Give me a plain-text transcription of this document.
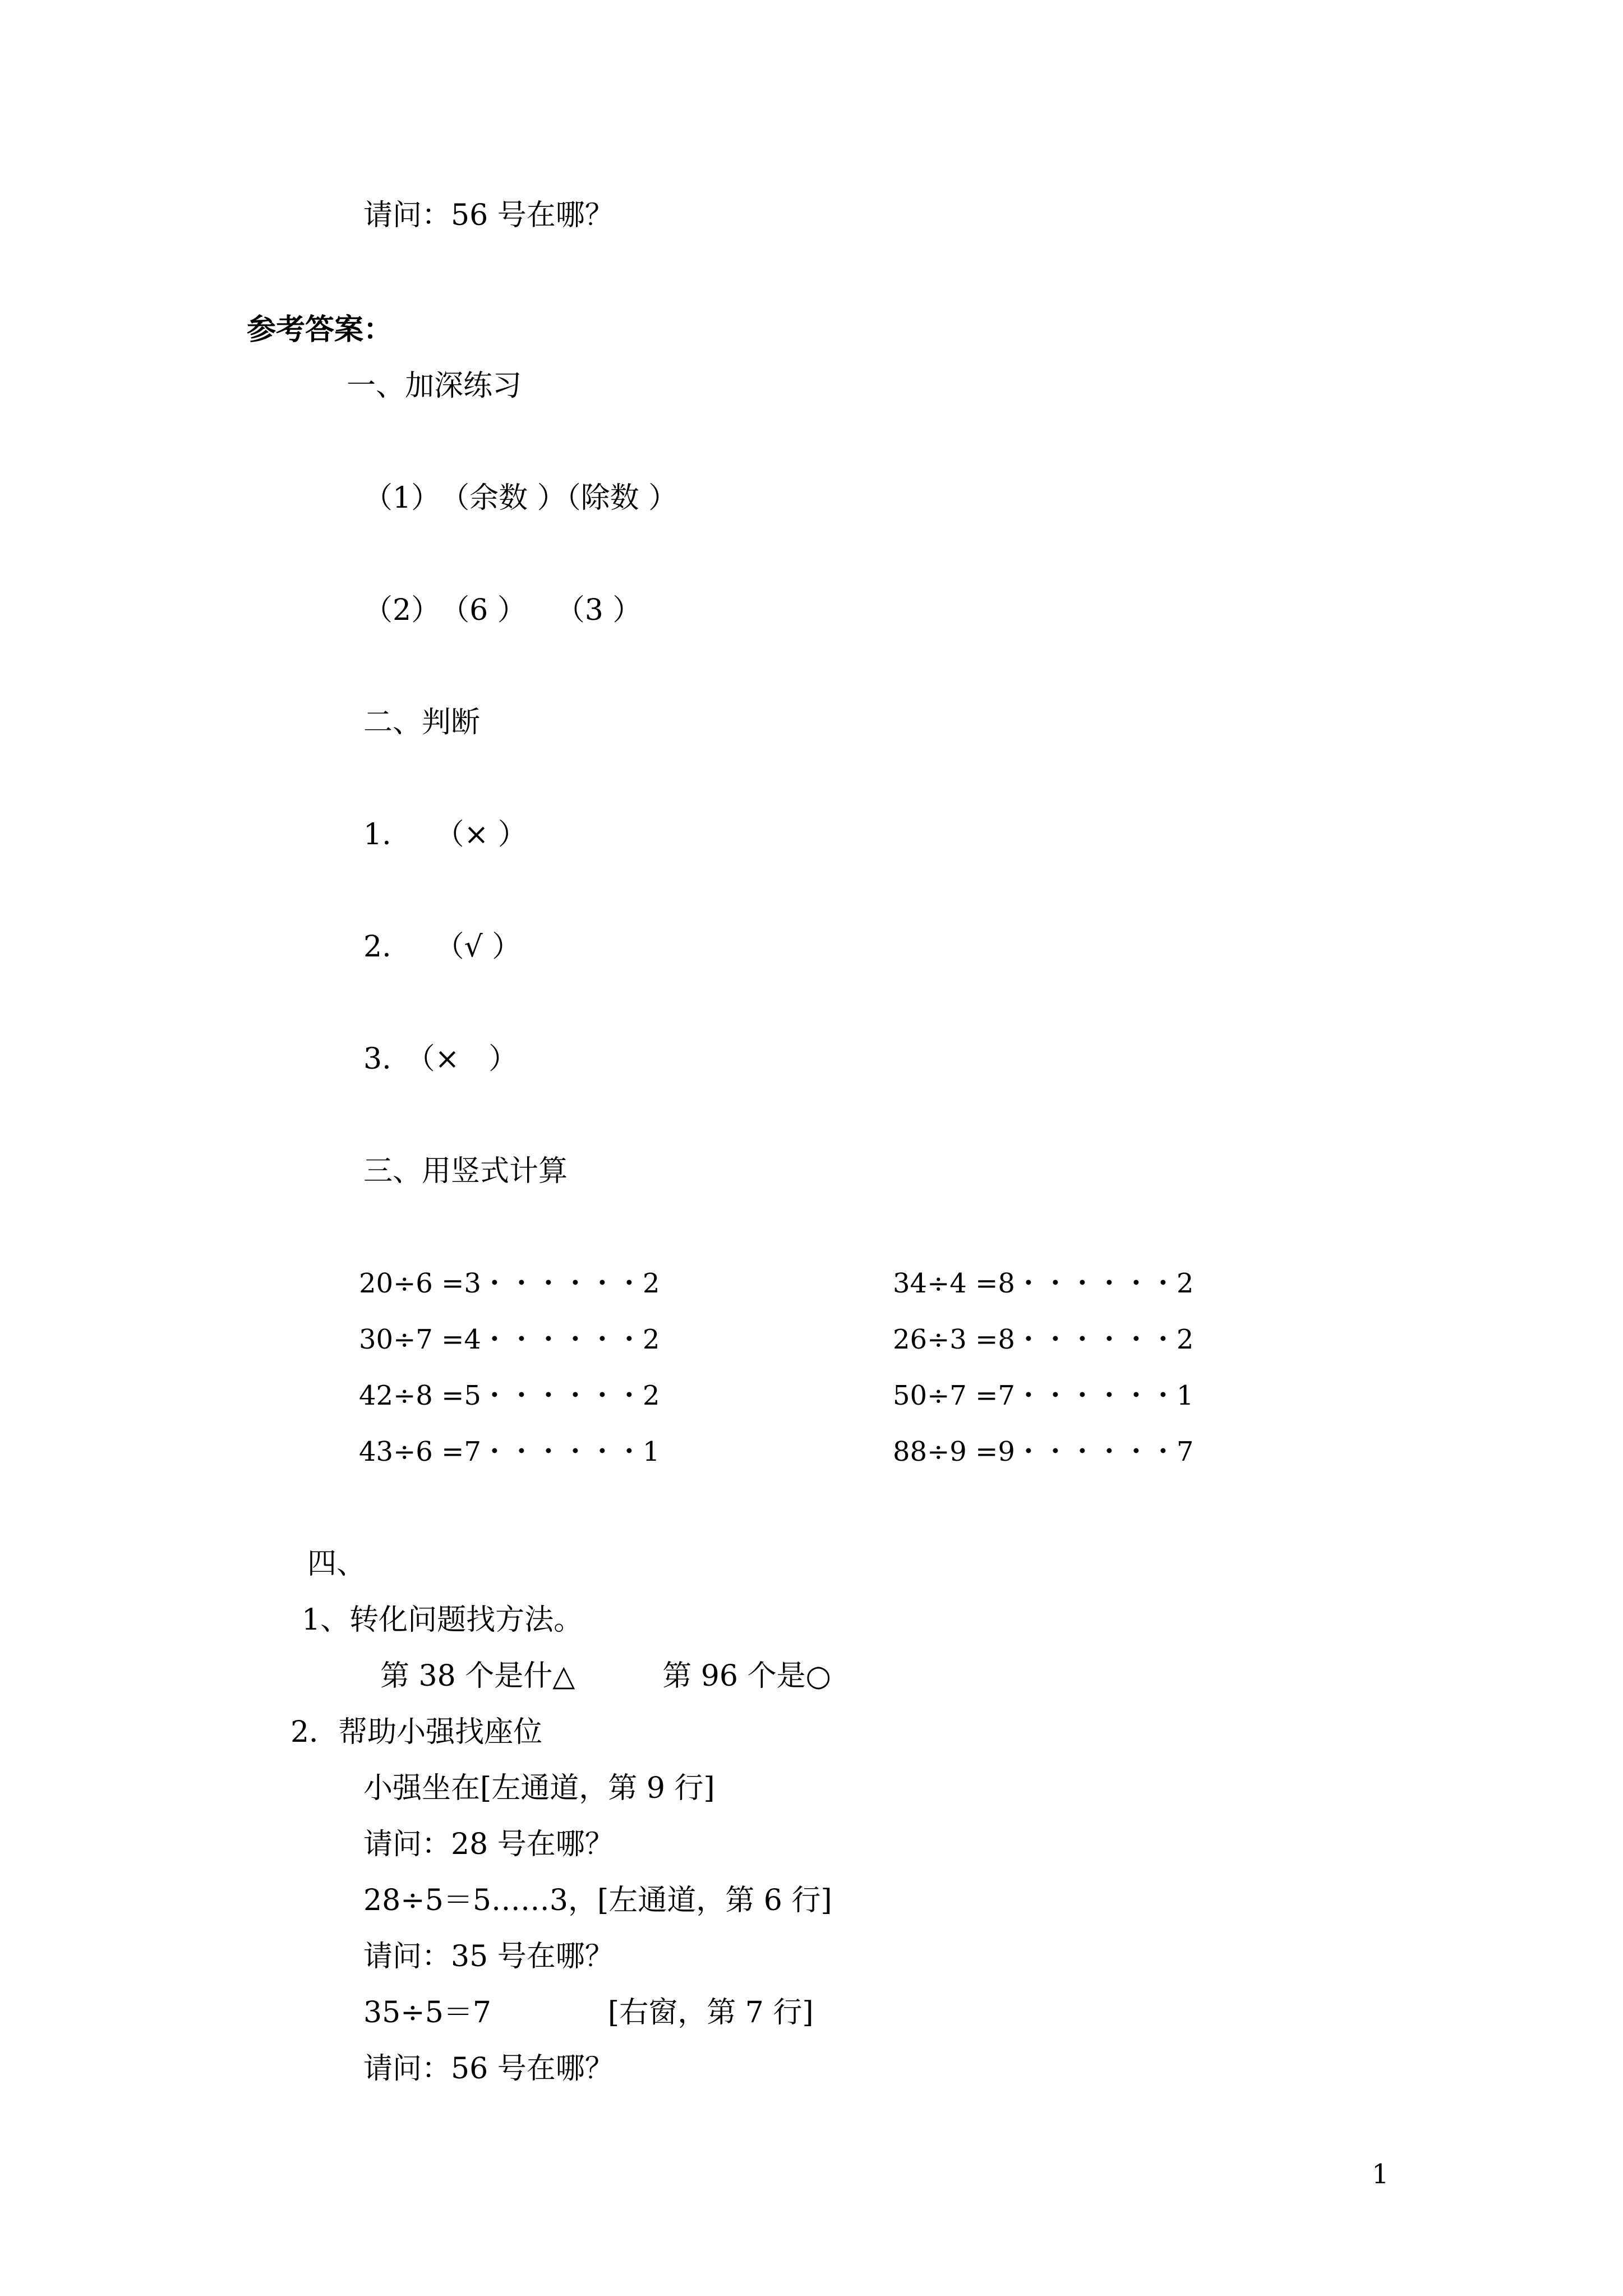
请问：56 号在哪？
参考答案：
一、加深练习
（1）　（余数 ）（除数 ）
（2）　（6 ）　　（3 ）
二、判断
1.　　（× ）
2.　　（√ ）
3.　（×　）
三、用竖式计算
20÷6 =3・・・・・・2
30÷7 =4・・・・・・2
42÷8 =5・・・・・・2
43÷6 =7・・・・・・1
34÷4 =8・・・・・・2
26÷3 =8・・・・・・2
50÷7 =7・・・・・・1
88÷9 =9・・・・・・7
四、
1、转化问题找方法。
第 38 个是什△　　　第 96 个是○
2．帮助小强找座位
小强坐在[左通道，第 9 行]
请问：28 号在哪？
28÷5＝5……3，[左通道，第 6 行]
请问：35 号在哪？
35÷5＝7　　　　[右窗，第 7 行]
请问：56 号在哪？
1
